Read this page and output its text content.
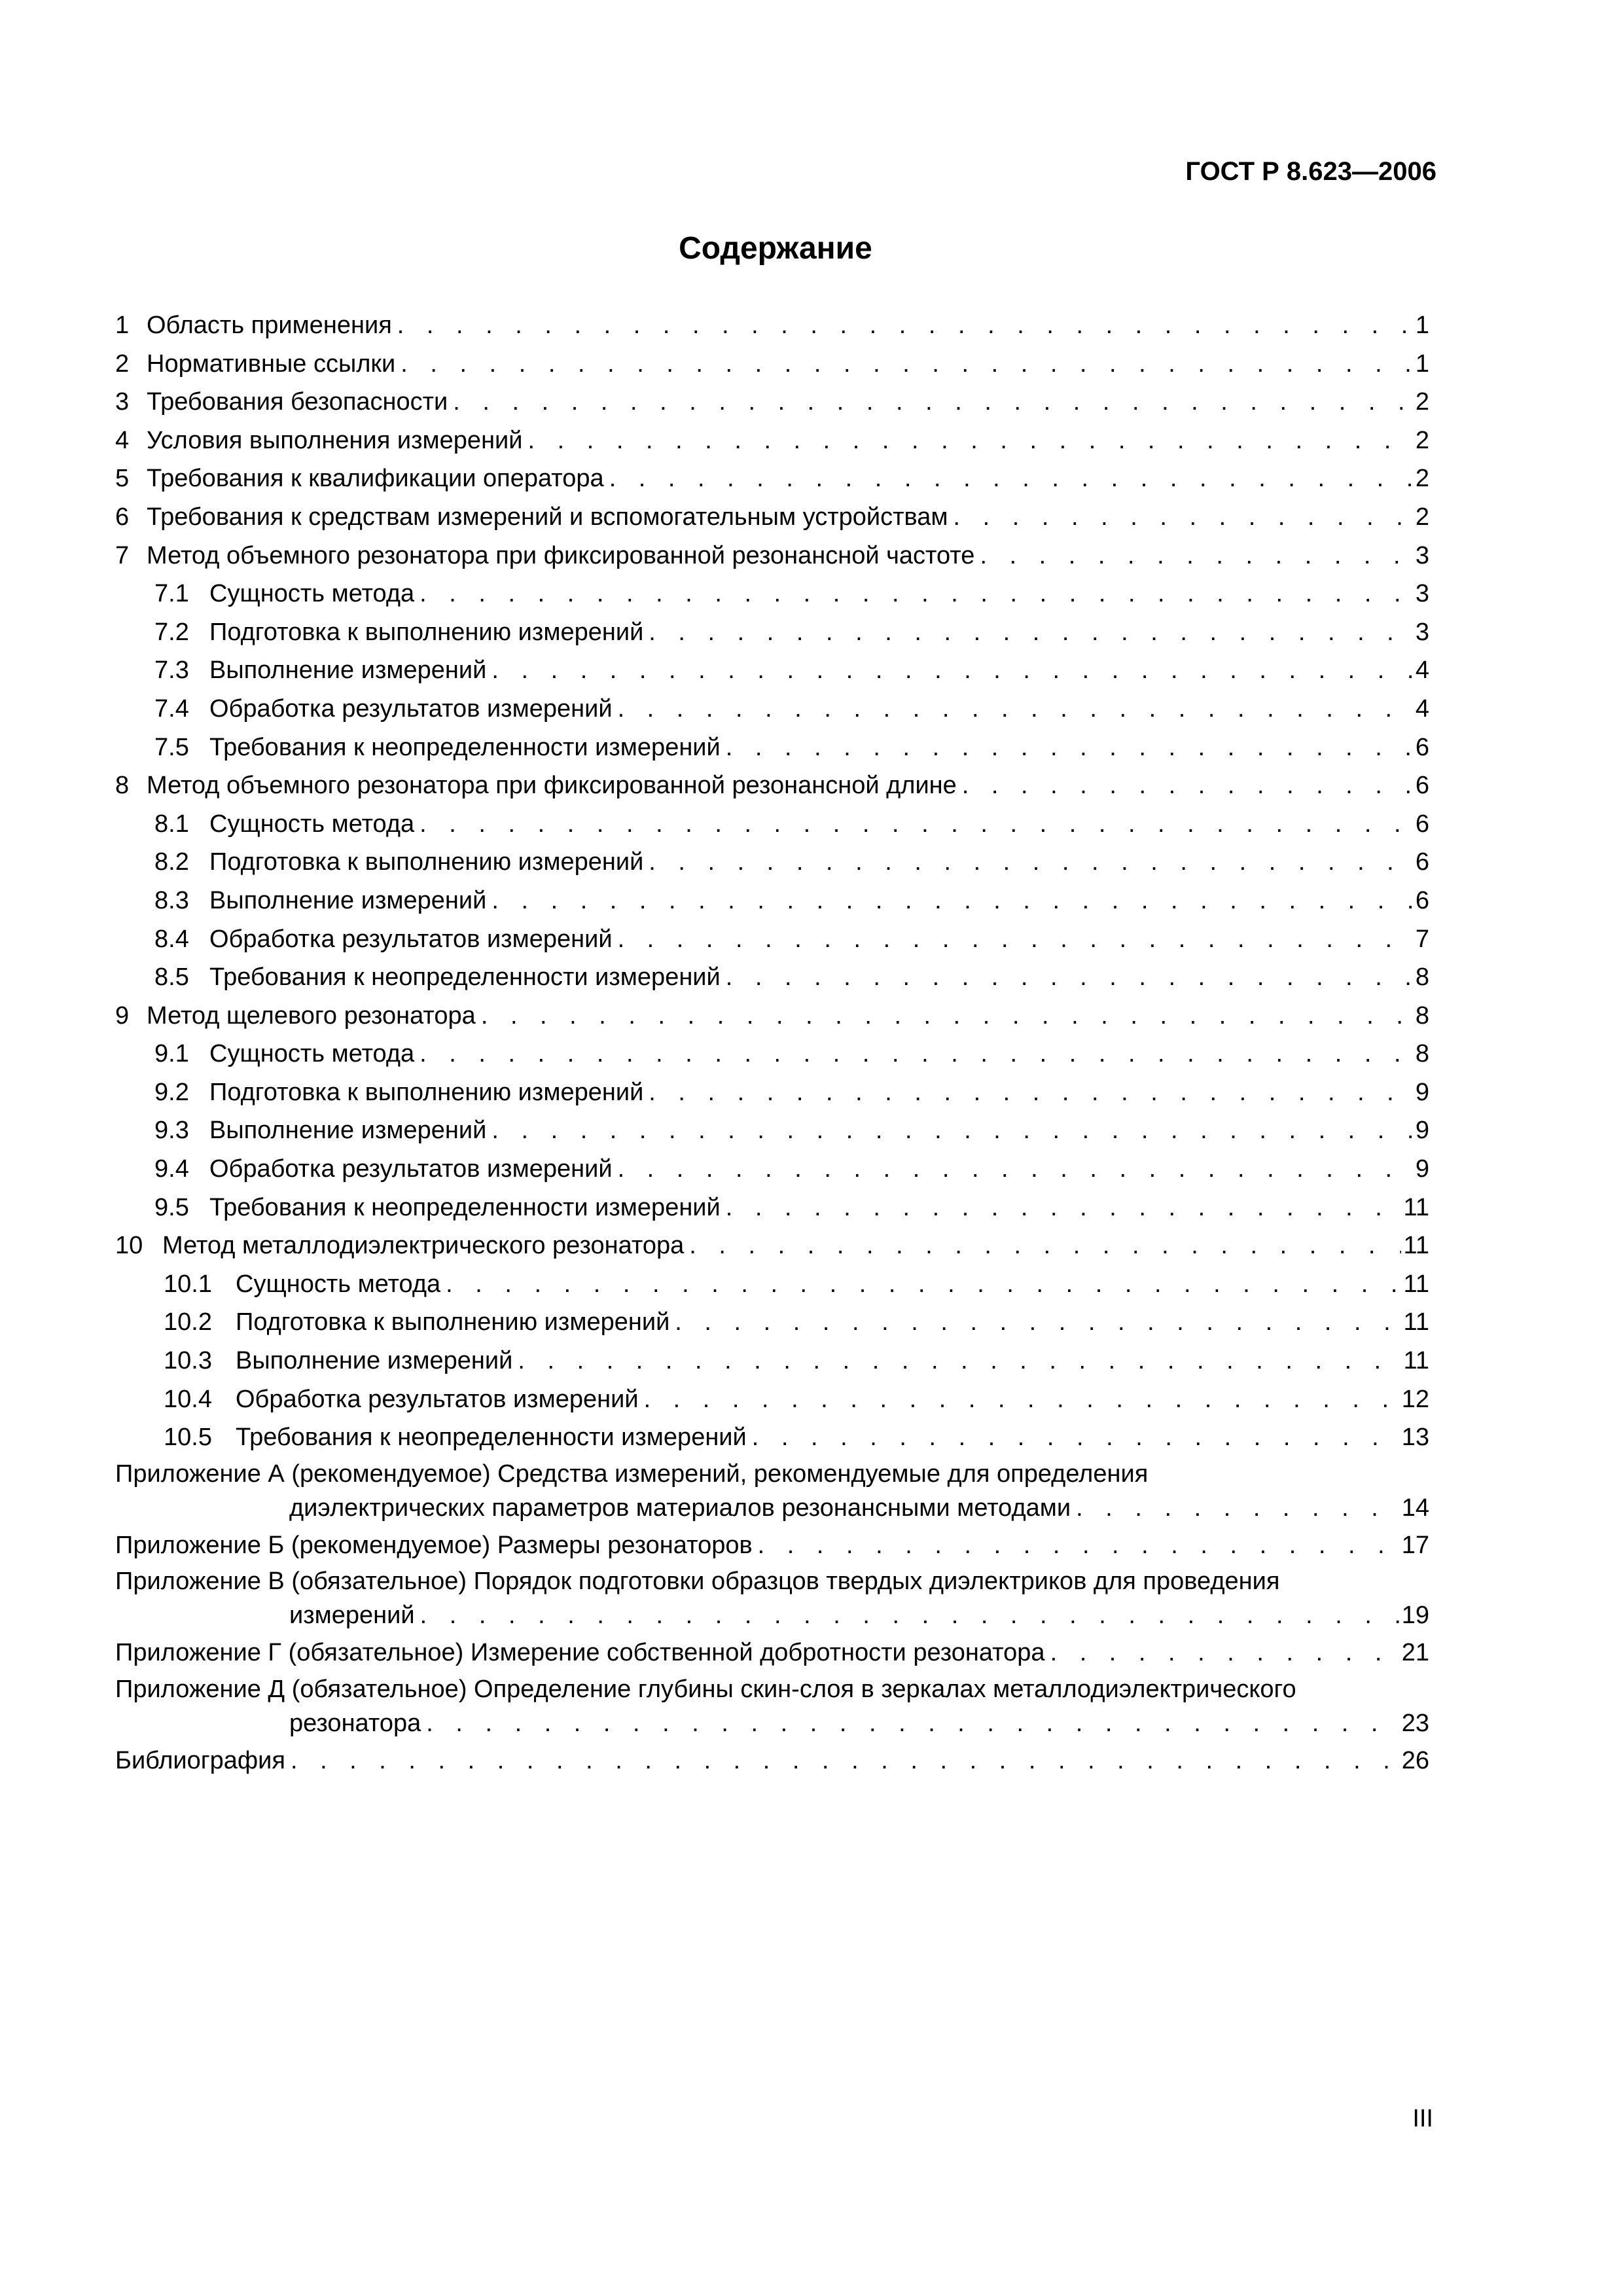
ГОСТ Р 8.623—2006
Содержание
1 Область применения . . .	1
2 Нормативные ссылки . . .	1
3 Требования безопасности . . .	2
4 Условия выполнения измерений . . .	2
5 Требования к квалификации оператора . . .	2
6 Требования к средствам измерений и вспомогательным устройствам . . .	2
7 Метод объемного резонатора при фиксированной резонансной частоте . . .	3
7.1 Сущность метода . . .	3
7.2 Подготовка к выполнению измерений . . .	3
7.3 Выполнение измерений . . .	4
7.4 Обработка результатов измерений . . .	4
7.5 Требования к неопределенности измерений . . .	6
8 Метод объемного резонатора при фиксированной резонансной длине . . .	6
8.1 Сущность метода . . .	6
8.2 Подготовка к выполнению измерений . . .	6
8.3 Выполнение измерений . . .	6
8.4 Обработка результатов измерений . . .	7
8.5 Требования к неопределенности измерений . . .	8
9 Метод щелевого резонатора . . .	8
9.1 Сущность метода . . .	8
9.2 Подготовка к выполнению измерений . . .	9
9.3 Выполнение измерений . . .	9
9.4 Обработка результатов измерений . . .	9
9.5 Требования к неопределенности измерений . . .	11
10 Метод металлодиэлектрического резонатора . . .	11
10.1 Сущность метода . . .	11
10.2 Подготовка к выполнению измерений . . .	11
10.3 Выполнение измерений . . .	11
10.4 Обработка результатов измерений . . .	12
10.5 Требования к неопределенности измерений . . .	13
Приложение А (рекомендуемое) Средства измерений, рекомендуемые для определения
диэлектрических параметров материалов резонансными методами . . .	14
Приложение Б (рекомендуемое) Размеры резонаторов . . .	17
Приложение В (обязательное) Порядок подготовки образцов твердых диэлектриков для проведения
измерений . . .	19
Приложение Г (обязательное) Измерение собственной добротности резонатора . . .	21
Приложение Д (обязательное) Определение глубины скин-слоя в зеркалах металлодиэлектрического
резонатора . . .	23
Библиография . . .	26
III
